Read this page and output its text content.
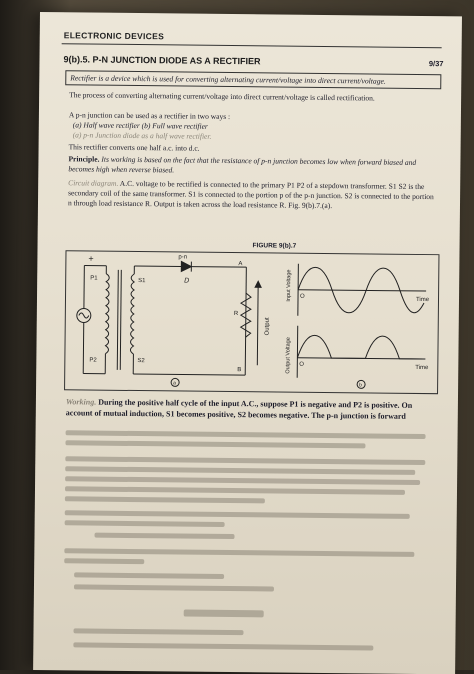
ELECTRONIC DEVICES
9(b).5. P-N JUNCTION DIODE AS A RECTIFIER	9/37
Rectifier is a device which is used for converting alternating current/voltage into direct current/voltage.
The process of converting alternating current/voltage into direct current/voltage is called rectification.
A p-n junction can be used as a rectifier in two ways :
(a) Half wave rectifier (b) Full wave rectifier
(a) p-n Junction diode as a half wave rectifier.
This rectifier converts one half a.c. into d.c.
Principle. Its working is based on the fact that the resistance of p-n junction becomes low when forward biased and becomes high when reverse biased.
Circuit diagram. A.C. voltage to be rectified is connected to the primary P1 P2 of a stepdown transformer. S1 S2 is the secondary coil of the same transformer. S1 is connected to the portion p of the p-n junction. S2 is connected to the portion n through load resistance R. Output is taken across the load resistance R. Fig. 9(b).7.(a).
FIGURE 9(b).7
+
P1
P2
S1
S2
p-n
D
A
B
R
Output
a
Input Voltage
Output Voltage
O
O
Time
Time
b
Working. During the positive half cycle of the input A.C., suppose P1 is negative and P2 is positive. On account of mutual induction, S1 becomes positive, S2 becomes negative. The p-n junction is forward
